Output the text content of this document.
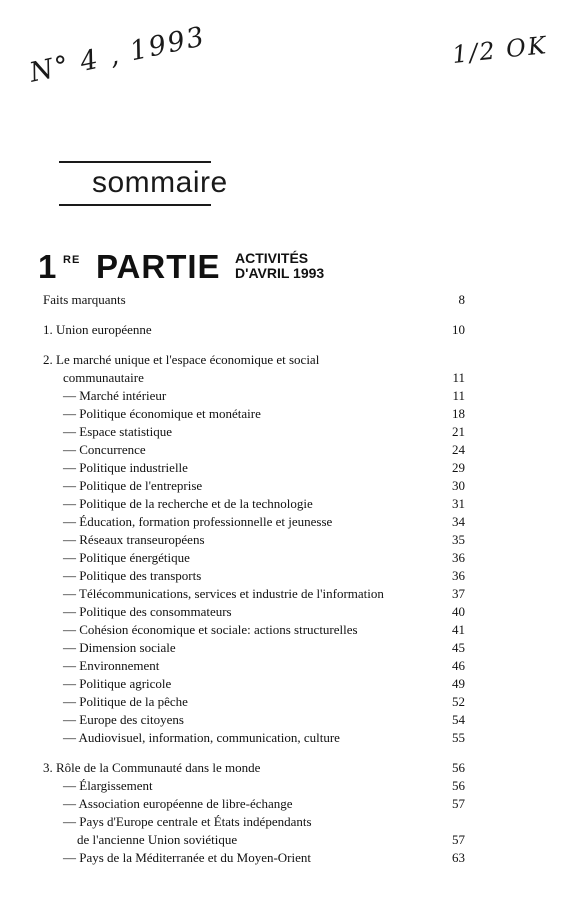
N° 4 , 1993	1/2 OK
sommaire
1 RE PARTIE ACTIVITÉS
D'AVRIL 1993
Faits marquants	8
1. Union européenne	10
2. Le marché unique et l'espace économique et social
communautaire	11
— Marché intérieur	11
— Politique économique et monétaire	18
— Espace statistique	21
— Concurrence	24
— Politique industrielle	29
— Politique de l'entreprise	30
— Politique de la recherche et de la technologie	31
— Éducation, formation professionnelle et jeunesse	34
— Réseaux transeuropéens	35
— Politique énergétique	36
— Politique des transports	36
— Télécommunications, services et industrie de l'information	37
— Politique des consommateurs	40
— Cohésion économique et sociale: actions structurelles	41
— Dimension sociale	45
— Environnement	46
— Politique agricole	49
— Politique de la pêche	52
— Europe des citoyens	54
— Audiovisuel, information, communication, culture	55
3. Rôle de la Communauté dans le monde	56
— Élargissement	56
— Association européenne de libre-échange	57
— Pays d'Europe centrale et États indépendants
de l'ancienne Union soviétique	57
— Pays de la Méditerranée et du Moyen-Orient	63
